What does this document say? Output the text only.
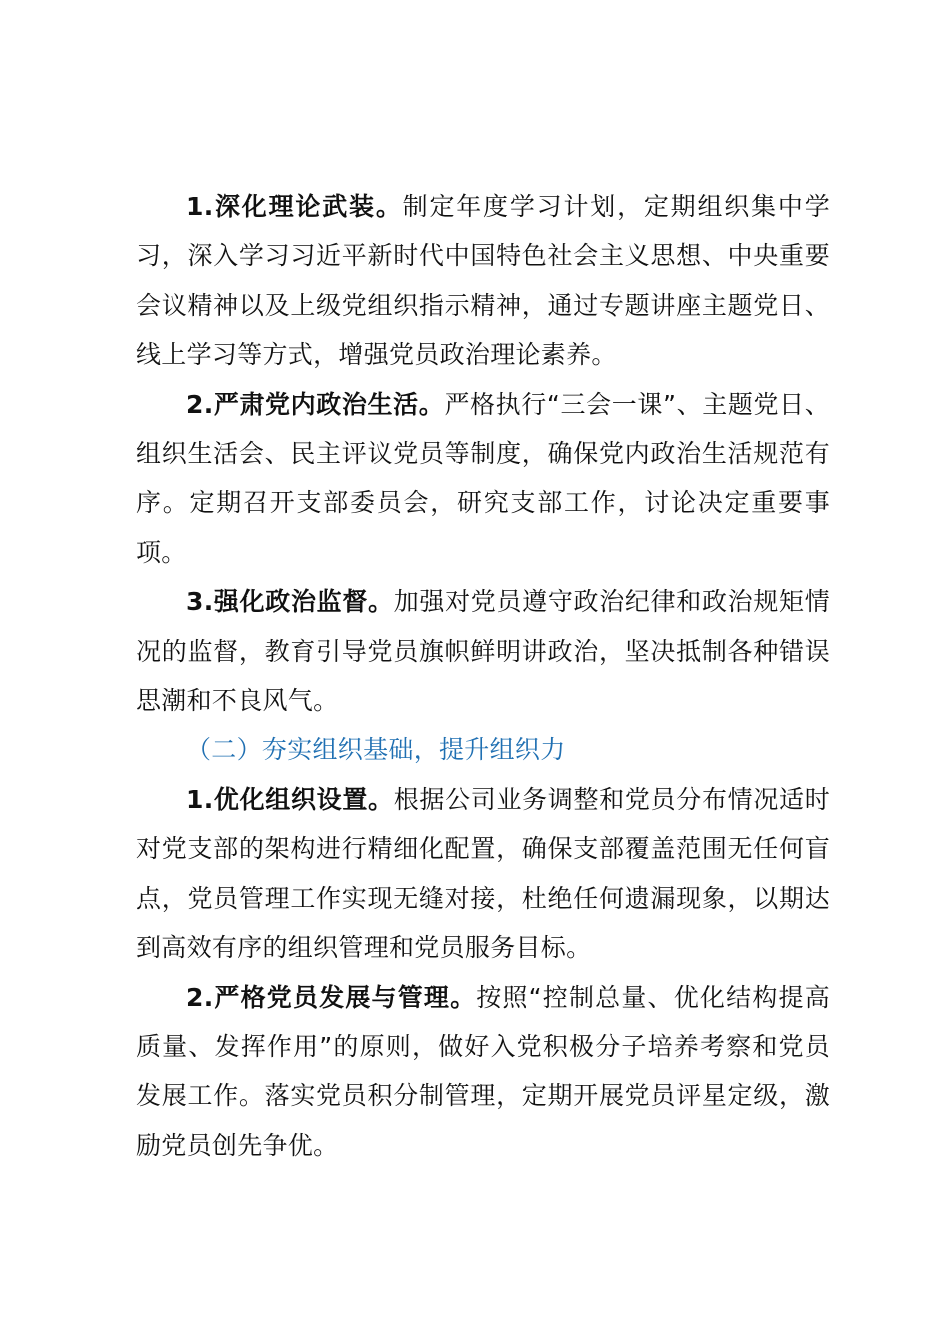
1.深化理论武装。制定年度学习计划，定期组织集中学习，深入学习习近平新时代中国特色社会主义思想、中央重要会议精神以及上级党组织指示精神，通过专题讲座主题党日、线上学习等方式，增强党员政治理论素养。

2.严肃党内政治生活。严格执行“三会一课”、主题党日、组织生活会、民主评议党员等制度，确保党内政治生活规范有序。定期召开支部委员会，研究支部工作，讨论决定重要事项。

3.强化政治监督。加强对党员遵守政治纪律和政治规矩情况的监督，教育引导党员旗帜鲜明讲政治，坚决抵制各种错误思潮和不良风气。

（二）夯实组织基础，提升组织力

1.优化组织设置。根据公司业务调整和党员分布情况适时对党支部的架构进行精细化配置，确保支部覆盖范围无任何盲点，党员管理工作实现无缝对接，杜绝任何遗漏现象，以期达到高效有序的组织管理和党员服务目标。

2.严格党员发展与管理。按照“控制总量、优化结构提高质量、发挥作用”的原则，做好入党积极分子培养考察和党员发展工作。落实党员积分制管理，定期开展党员评星定级，激励党员创先争优。
